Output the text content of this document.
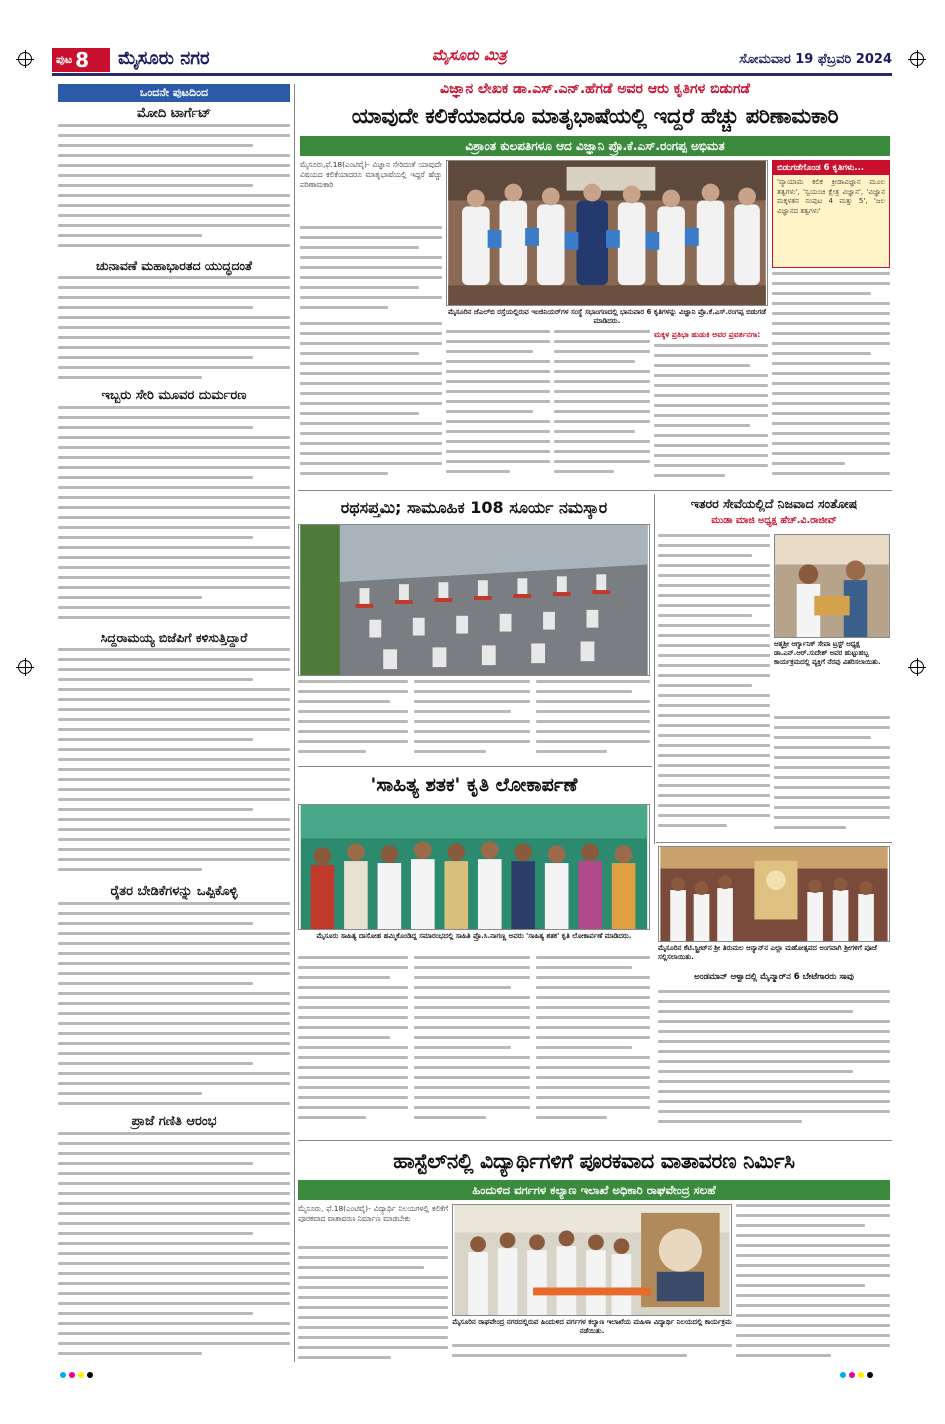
ಪುಟ 8	ಮೈಸೂರು ನಗರ	ಮೈಸೂರು ಮಿತ್ರ	ಸೋಮವಾರ 19 ಫೆಬ್ರವರಿ 2024
ಒಂದನೇ ಪುಟದಿಂದ
ಮೋದಿ ಟಾರ್ಗೆಟ್
ಚುನಾವಣೆ ಮಹಾಭಾರತದ ಯುದ್ಧದಂತೆ
ಇಬ್ಬರು ಸೇರಿ ಮೂವರ ದುರ್ಮರಣ
ಸಿದ್ದರಾಮಯ್ಯ ಬಿಜೆಪಿಗೆ ಕಳಿಸುತ್ತಿದ್ದಾರೆ
ರೈತರ ಬೇಡಿಕೆಗಳನ್ನು ಒಪ್ಪಿಕೊಳ್ಳಿ
ಪ್ರಾಜೆ ಗಣಿತಿ ಆರಂಭ
ವಿಜ್ಞಾನ ಲೇಖಕ ಡಾ.ಎಸ್.ಎನ್.ಹೆಗಡೆ ಅವರ ಆರು ಕೃತಿಗಳ ಬಿಡುಗಡೆ
ಯಾವುದೇ ಕಲಿಕೆಯಾದರೂ ಮಾತೃಭಾಷೆಯಲ್ಲಿ ಇದ್ದರೆ ಹೆಚ್ಚು ಪರಿಣಾಮಕಾರಿ
ವಿಶ್ರಾಂತ ಕುಲಪತಿಗಳೂ ಆದ ವಿಜ್ಞಾನಿ ಪ್ರೊ.ಕೆ.ಎಸ್.ರಂಗಪ್ಪ ಅಭಿಮತ
ಮೈಸೂರು,ಫೆ.18(ಎಂಟಿವೈ)- ವಿಜ್ಞಾನ ಸೇರಿದಂತೆ ಯಾವುದೇ ವಿಷಯದ ಕಲಿಕೆಯಾದರೂ ಮಾತೃಭಾಷೆಯಲ್ಲಿ ಇದ್ದರೆ ಹೆಚ್ಚು ಪರಿಣಾಮಕಾರಿ
ಮೈಸೂರಿನ ಜೆಎಲ್‌ಬಿ ರಸ್ತೆಯಲ್ಲಿರುವ ಇಂಜಿನಿಯರ್‌ಗಳ ಸಂಸ್ಥೆ ಸಭಾಂಗಣದಲ್ಲಿ ಭಾನುವಾರ 6 ಕೃತಿಗಳನ್ನು ವಿಜ್ಞಾನಿ ಪ್ರೊ.ಕೆ.ಎಸ್.ರಂಗಪ್ಪ ಬಿಡುಗಡೆ ಮಾಡಿದರು.
ಬಿಡುಗಡೆಗೊಂಡ 6 ಕೃತಿಗಳು...
'ವ್ಯಾಯಾಮ ಕಲಿಕ ಕ್ರೀಡಾವಿಜ್ಞಾನ ಮೂಲ ತತ್ವಗಳು', 'ಸ್ವಯಂಚಿ ಕ್ಷೇತ್ರ ವಿಜ್ಞಾನ', 'ವಿಜ್ಞಾನ ಮಕ್ಕಳತನ ಸಂಪುಟ 4 ಮತ್ತು 5', 'ಜಲ ವಿಜ್ಞಾನದ ತತ್ವಗಳು'
ಮಕ್ಕಳ ಪ್ರತಿಭಾ ಹುಡುಕಿ ಅವರ ಪ್ರವರ್ತನಗಾ:
ರಥಸಪ್ತಮಿ; ಸಾಮೂಹಿಕ 108 ಸೂರ್ಯ ನಮಸ್ಕಾರ	ಇತರರ ಸೇವೆಯಲ್ಲಿದೆ ನಿಜವಾದ ಸಂತೋಷ
ಮುಡಾ ಮಾಜಿ ಅಧ್ಯಕ್ಷ ಹೆಚ್.ವಿ.ರಾಜೀವ್
ಆತ್ಮಶ್ರೀ ಆರ್ಗ್ಯಾನಿಕ್ ಸೇವಾ ಟ್ರಸ್ಟ್ ಅಧ್ಯಕ್ಷ ಡಾ.ಎನ್.ಆರ್.ಸುದೇಶ್ ಅವರ ಹುಟ್ಟುಹಬ್ಬ ಕಾರ್ಯಕ್ರಮದಲ್ಲಿ ವ್ಯಕ್ತಿಗೆ ನೆರವು ವಿತರಿಸಲಾಯಿತು.
'ಸಾಹಿತ್ಯ ಶತಕ' ಕೃತಿ ಲೋಕಾರ್ಪಣೆ
ಮೈಸೂರು ಸಾಹಿತ್ಯ ದಾಸೋಹ ಹಮ್ಮಿಕೊಂಡಿದ್ದ ಸಮಾರಂಭದಲ್ಲಿ ಸಾಹಿತಿ ಪ್ರೊ.ಸಿ.ನಾಗಣ್ಣ ಅವರು 'ಸಾಹಿತ್ಯ ಶತಕ' ಕೃತಿ ಲೋಕಾರ್ಪಣೆ ಮಾಡಿದರು.
ಮೈಸೂರಿನ ಕೆಟಿ.ಸ್ಟ್ರೀಟ್‌ನ ಶ್ರೀ ತಿರುಮಲ ಆನ್ಯಾನ್‌ನ ಎಲ್ಲಾ ಮಹೋತ್ಸವದ ಅಂಗವಾಗಿ ಶ್ರೀಗಳಿಗೆ ಪೂಜೆ ಸಲ್ಲಿಸಲಾಯಿತು.
ಅಂಡಮಾನ್ ಆಳ್ವಾದಲ್ಲಿ ಮೈನ್ಮಾರ್‌ನ 6 ಬೇಟೆಗಾರರು ಸಾವು
ಹಾಸ್ಟೆಲ್‌ನಲ್ಲಿ ವಿದ್ಯಾರ್ಥಿಗಳಿಗೆ ಪೂರಕವಾದ ವಾತಾವರಣ ನಿರ್ಮಿಸಿ
ಹಿಂದುಳಿದ ವರ್ಗಗಳ ಕಲ್ಯಾಣ ಇಲಾಖೆ ಅಧಿಕಾರಿ ರಾಘವೇಂದ್ರ ಸಲಹೆ
ಮೈಸೂರು, ಫೆ.18(ಎಂಟಿವೈ)- ವಿದ್ಯಾರ್ಥಿ ನಿಲಯಗಳಲ್ಲಿ ಕಲಿಕೆಗೆ ಪೂರಕವಾದ ವಾತಾವರಣ ನಿರ್ಮಾಣ ಮಾಡಬೇಕು
ಮೈಸೂರಿನ ರಾಘವೇಂದ್ರ ನಗರದಲ್ಲಿರುವ ಹಿಂದುಳಿದ ವರ್ಗಗಳ ಕಲ್ಯಾಣ ಇಲಾಖೆಯ ಮಹಿಳಾ ವಿದ್ಯಾರ್ಥಿ ನಿಲಯದಲ್ಲಿ ಕಾರ್ಯಕ್ರಮ ನಡೆಯಿತು.
